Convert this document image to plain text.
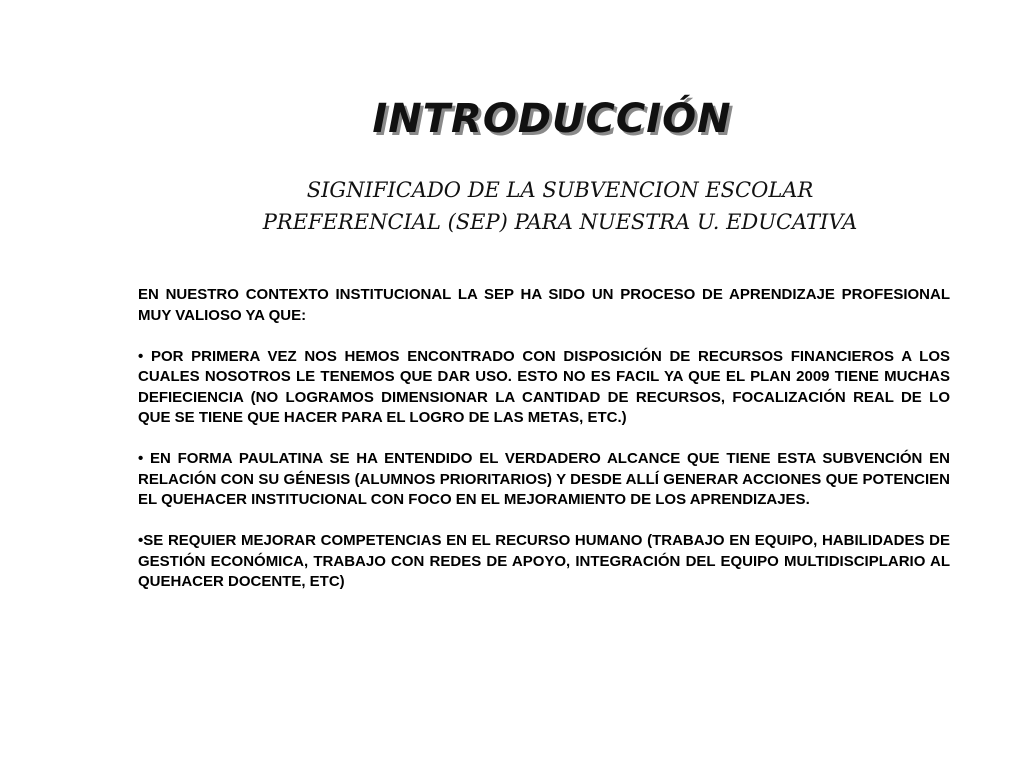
INTRODUCCIÓN
SIGNIFICADO DE LA SUBVENCION ESCOLAR
PREFERENCIAL (SEP) PARA NUESTRA U. EDUCATIVA

EN NUESTRO CONTEXTO INSTITUCIONAL LA SEP HA SIDO UN PROCESO DE APRENDIZAJE PROFESIONAL MUY VALIOSO YA QUE:

• POR PRIMERA VEZ NOS HEMOS ENCONTRADO CON DISPOSICIÓN DE RECURSOS FINANCIEROS A LOS CUALES NOSOTROS LE TENEMOS QUE DAR USO. ESTO NO ES FACIL YA QUE EL PLAN 2009 TIENE MUCHAS DEFIECIENCIA (NO LOGRAMOS DIMENSIONAR LA CANTIDAD DE RECURSOS, FOCALIZACIÓN REAL DE LO QUE SE TIENE QUE HACER PARA EL LOGRO DE LAS METAS, ETC.)

• EN FORMA PAULATINA SE HA ENTENDIDO EL VERDADERO ALCANCE QUE TIENE ESTA SUBVENCIÓN EN RELACIÓN CON SU GÉNESIS (ALUMNOS PRIORITARIOS) Y DESDE ALLÍ GENERAR ACCIONES QUE POTENCIEN EL QUEHACER INSTITUCIONAL CON FOCO EN EL MEJORAMIENTO DE LOS APRENDIZAJES.

•SE REQUIER MEJORAR COMPETENCIAS EN EL RECURSO HUMANO (TRABAJO EN EQUIPO, HABILIDADES DE GESTIÓN ECONÓMICA, TRABAJO CON REDES DE APOYO, INTEGRACIÓN DEL EQUIPO MULTIDISCIPLARIO AL QUEHACER DOCENTE, ETC)
